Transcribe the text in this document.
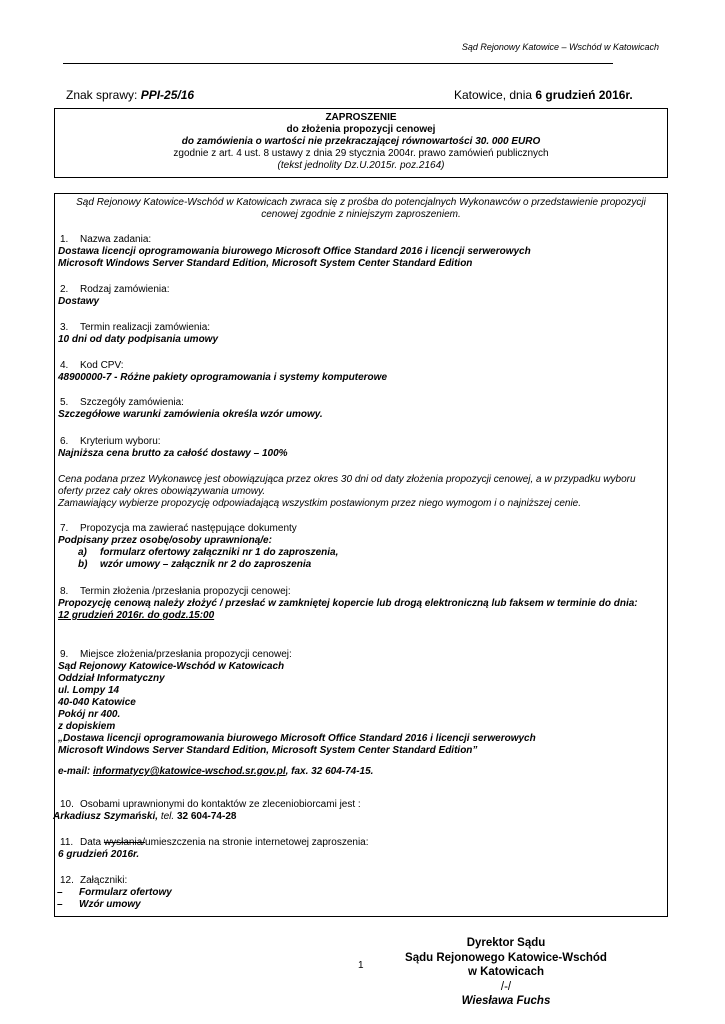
Sąd Rejonowy Katowice – Wschód w Katowicach
Znak sprawy: PPI-25/16	Katowice, dnia 6 grudzień 2016r.
ZAPROSZENIE
do złożenia propozycji cenowej
do zamówienia o wartości nie przekraczającej równowartości 30. 000 EURO
zgodnie z art. 4 ust. 8 ustawy z dnia 29 stycznia 2004r. prawo zamówień publicznych
(tekst jednolity Dz.U.2015r. poz.2164)
Sąd Rejonowy Katowice-Wschód w Katowicach zwraca się z prośba do potencjalnych Wykonawców o przedstawienie propozycji cenowej zgodnie z niniejszym zaproszeniem.
1. Nazwa zadania:
Dostawa licencji oprogramowania biurowego Microsoft Office Standard 2016 i licencji serwerowych
Microsoft Windows Server Standard Edition, Microsoft System Center Standard Edition
2. Rodzaj zamówienia:
Dostawy
3. Termin realizacji zamówienia:
10 dni od daty podpisania umowy
4. Kod CPV:
48900000-7 - Różne pakiety oprogramowania i systemy komputerowe
5. Szczegóły zamówienia:
Szczegółowe warunki zamówienia określa wzór umowy.
6. Kryterium wyboru:
Najniższa cena brutto za całość dostawy – 100%
Cena podana przez Wykonawcę jest obowiązująca przez okres 30 dni od daty złożenia propozycji cenowej, a w przypadku wyboru oferty przez cały okres obowiązywania umowy.
Zamawiający wybierze propozycję odpowiadającą wszystkim postawionym przez niego wymogom i o najniższej cenie.
7. Propozycja ma zawierać następujące dokumenty
Podpisany przez osobę/osoby uprawnioną/e:
a) formularz ofertowy załączniki nr 1 do zaproszenia,
b) wzór umowy – załącznik nr 2 do zaproszenia
8. Termin złożenia /przesłania propozycji cenowej:
Propozycję cenową należy złożyć / przesłać w zamkniętej kopercie lub drogą elektroniczną lub faksem w terminie do dnia:
12 grudzień 2016r. do godz.15:00
9. Miejsce złożenia/przesłania propozycji cenowej:
Sąd Rejonowy Katowice-Wschód w Katowicach
Oddział Informatyczny
ul. Lompy 14
40-040 Katowice
Pokój nr 400.
z dopiskiem
„Dostawa licencji oprogramowania biurowego Microsoft Office Standard 2016 i licencji serwerowych
Microsoft Windows Server Standard Edition, Microsoft System Center Standard Edition”
e-mail: informatycy@katowice-wschod.sr.gov.pl, fax. 32 604-74-15.
10. Osobami uprawnionymi do kontaktów ze zleceniobiorcami jest :
Arkadiusz Szymański, tel. 32 604-74-28
11. Data wysłania/umieszczenia na stronie internetowej zaproszenia:
6 grudzień 2016r.
12. Załączniki:
– Formularz ofertowy
– Wzór umowy
1
Dyrektor Sądu
Sądu Rejonowego Katowice-Wschód
w Katowicach
/-/
Wiesława Fuchs
